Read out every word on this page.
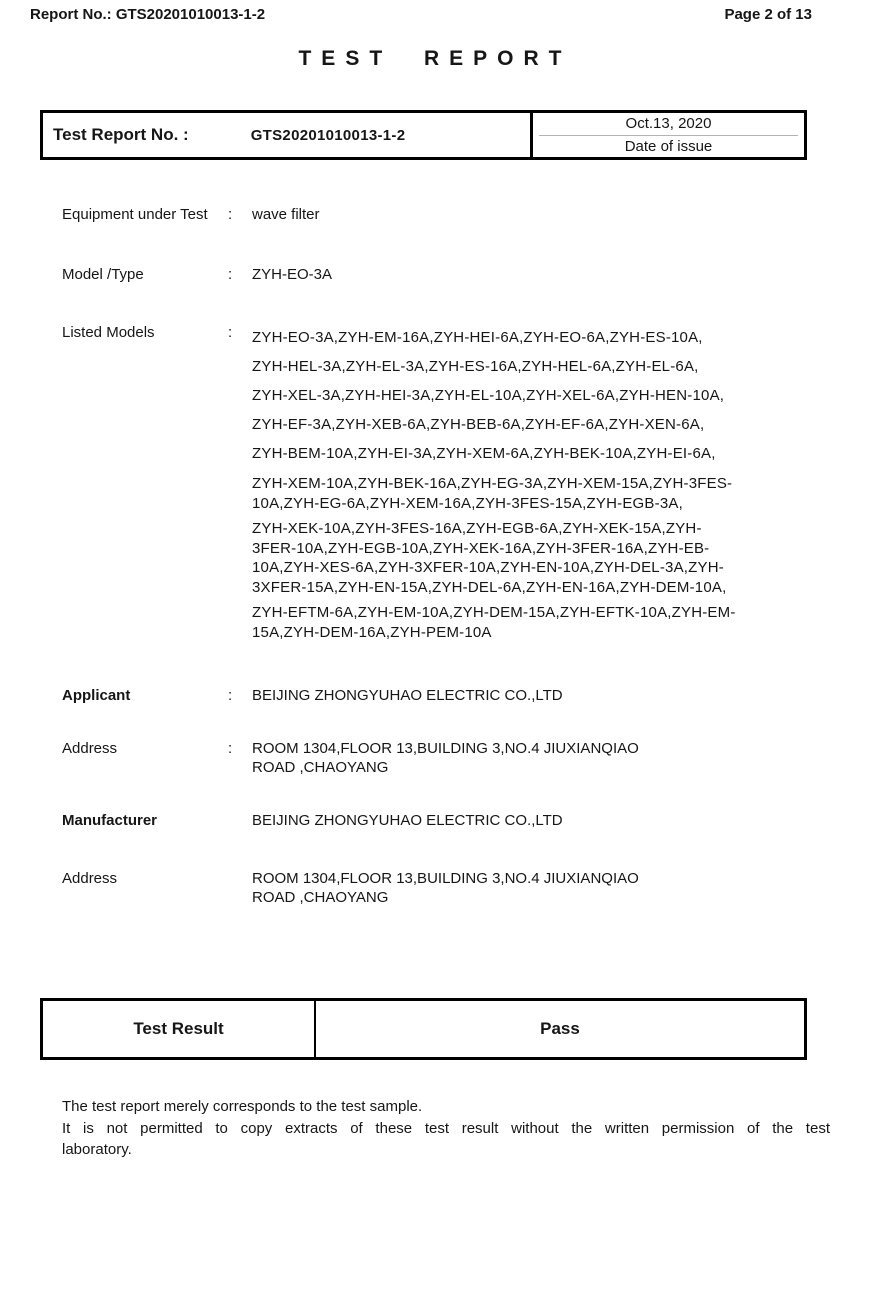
Report No.: GTS20201010013-1-2	Page 2 of 13
TEST REPORT
Test Report No. :	GTS20201010013-1-2
Oct.13, 2020
Date of issue
Equipment under Test	:	wave filter
Model /Type	:	ZYH-EO-3A
Listed Models	:	ZYH-EO-3A,ZYH-EM-16A,ZYH-HEI-6A,ZYH-EO-6A,ZYH-ES-10A,
ZYH-HEL-3A,ZYH-EL-3A,ZYH-ES-16A,ZYH-HEL-6A,ZYH-EL-6A,
ZYH-XEL-3A,ZYH-HEI-3A,ZYH-EL-10A,ZYH-XEL-6A,ZYH-HEN-10A,
ZYH-EF-3A,ZYH-XEB-6A,ZYH-BEB-6A,ZYH-EF-6A,ZYH-XEN-6A,
ZYH-BEM-10A,ZYH-EI-3A,ZYH-XEM-6A,ZYH-BEK-10A,ZYH-EI-6A,
ZYH-XEM-10A,ZYH-BEK-16A,ZYH-EG-3A,ZYH-XEM-15A,ZYH-3FES-
10A,ZYH-EG-6A,ZYH-XEM-16A,ZYH-3FES-15A,ZYH-EGB-3A,
ZYH-XEK-10A,ZYH-3FES-16A,ZYH-EGB-6A,ZYH-XEK-15A,ZYH-
3FER-10A,ZYH-EGB-10A,ZYH-XEK-16A,ZYH-3FER-16A,ZYH-EB-
10A,ZYH-XES-6A,ZYH-3XFER-10A,ZYH-EN-10A,ZYH-DEL-3A,ZYH-
3XFER-15A,ZYH-EN-15A,ZYH-DEL-6A,ZYH-EN-16A,ZYH-DEM-10A,
ZYH-EFTM-6A,ZYH-EM-10A,ZYH-DEM-15A,ZYH-EFTK-10A,ZYH-EM-
15A,ZYH-DEM-16A,ZYH-PEM-10A
Applicant	:	BEIJING ZHONGYUHAO ELECTRIC CO.,LTD
Address	:	ROOM 1304,FLOOR 13,BUILDING 3,NO.4 JIUXIANQIAO
ROAD ,CHAOYANG
Manufacturer	BEIJING ZHONGYUHAO ELECTRIC CO.,LTD
Address	ROOM 1304,FLOOR 13,BUILDING 3,NO.4 JIUXIANQIAO
ROAD ,CHAOYANG
Test Result	Pass
The test report merely corresponds to the test sample.
It is not permitted to copy extracts of these test result without the written permission of the test
laboratory.
